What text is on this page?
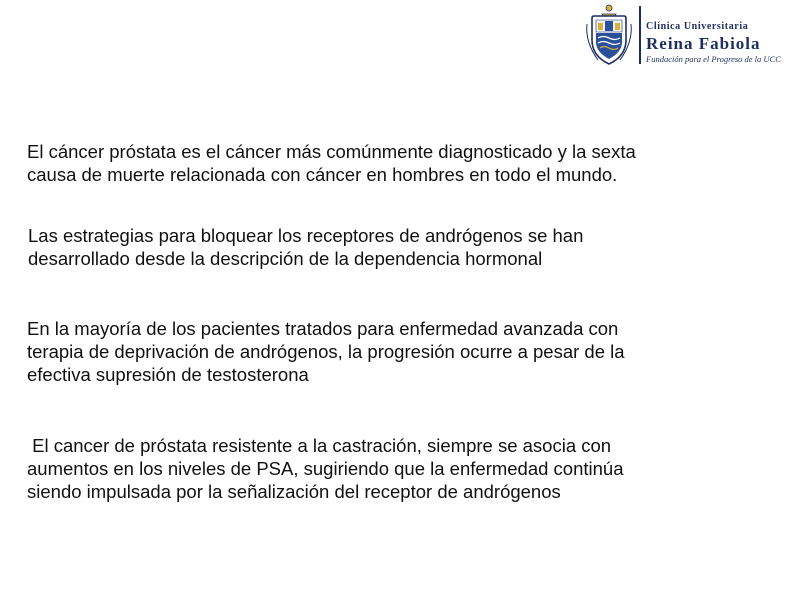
Clínica Universitaria
Reina Fabiola
Fundación para el Progreso de la UCC
El cáncer próstata es el cáncer más comúnmente diagnosticado y la sexta
causa de muerte relacionada con cáncer en hombres en todo el mundo.
Las estrategias para bloquear los receptores de andrógenos se han
desarrollado desde la descripción de la dependencia hormonal
En la mayoría de los pacientes tratados para enfermedad avanzada con
terapia de deprivación de andrógenos, la progresión ocurre a pesar de la
efectiva supresión de testosterona
El cancer de próstata resistente a la castración, siempre se asocia con
aumentos en los niveles de PSA, sugiriendo que la enfermedad continúa
siendo impulsada por la señalización del receptor de andrógenos
